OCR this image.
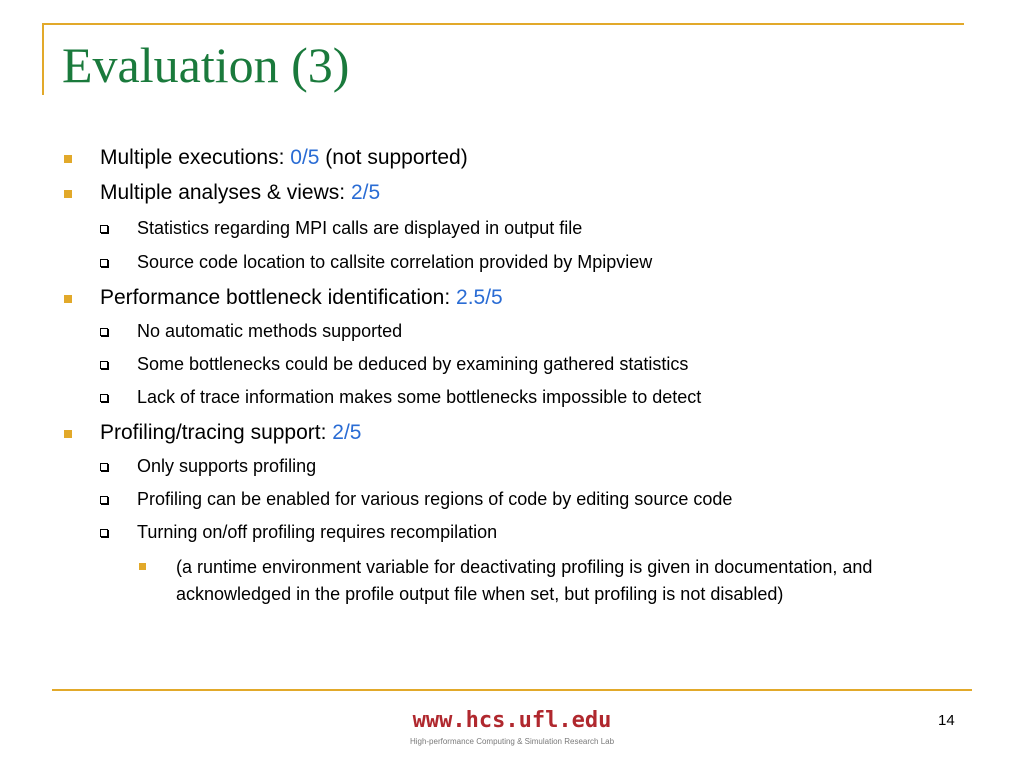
Evaluation (3)
Multiple executions: 0/5 (not supported)
Multiple analyses & views: 2/5
Statistics regarding MPI calls are displayed in output file
Source code location to callsite correlation provided by Mpipview
Performance bottleneck identification: 2.5/5
No automatic methods supported
Some bottlenecks could be deduced by examining gathered statistics
Lack of trace information makes some bottlenecks impossible to detect
Profiling/tracing support: 2/5
Only supports profiling
Profiling can be enabled for various regions of code by editing source code
Turning on/off profiling requires recompilation
(a runtime environment variable for deactivating profiling is given in documentation, and acknowledged in the profile output file when set, but profiling is not disabled)
www.hcs.ufl.edu
High-performance Computing & Simulation Research Lab
14
